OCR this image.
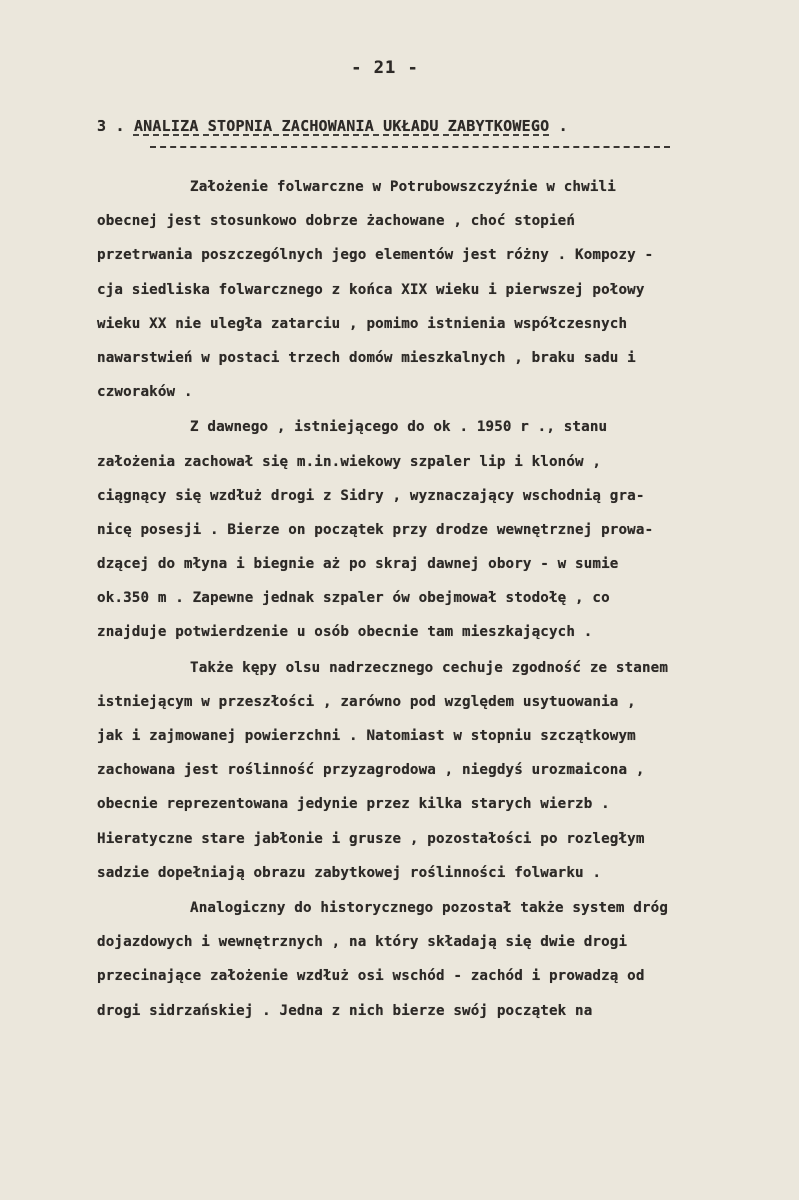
- 21 -
3 . ANALIZA STOPNIA ZACHOWANIA UKŁADU ZABYTKOWEGO .
Założenie folwarczne w Potrubowszczyźnie w chwili
obecnej jest stosunkowo dobrze żachowane , choć stopień
przetrwania poszczególnych jego elementów jest różny . Kompozy -
cja siedliska folwarcznego z końca XIX wieku i pierwszej połowy
wieku XX nie uległa zatarciu , pomimo istnienia współczesnych
nawarstwień w postaci trzech domów mieszkalnych , braku sadu i
czworaków .
Z dawnego , istniejącego do ok . 1950 r ., stanu
założenia zachował się m.in.wiekowy szpaler lip i klonów ,
ciągnący się wzdłuż drogi z Sidry , wyznaczający wschodnią gra-
nicę posesji . Bierze on początek przy drodze wewnętrznej prowa-
dzącej do młyna i biegnie aż po skraj dawnej obory - w sumie
ok.350 m . Zapewne jednak szpaler ów obejmował stodołę , co
znajduje potwierdzenie u osób obecnie tam mieszkających .
Także kępy olsu nadrzecznego cechuje zgodność ze stanem
istniejącym w przeszłości , zarówno pod względem usytuowania ,
jak i zajmowanej powierzchni . Natomiast w stopniu szczątkowym
zachowana jest roślinność przyzagrodowa , niegdyś urozmaicona ,
obecnie reprezentowana jedynie przez kilka starych wierzb .
Hieratyczne stare jabłonie i grusze , pozostałości po rozległym
sadzie dopełniają obrazu zabytkowej roślinności folwarku .
Analogiczny do historycznego pozostał także system dróg
dojazdowych i wewnętrznych , na który składają się dwie drogi
przecinające założenie wzdłuż osi wschód - zachód i prowadzą od
drogi sidrzańskiej . Jedna z nich bierze swój początek na
